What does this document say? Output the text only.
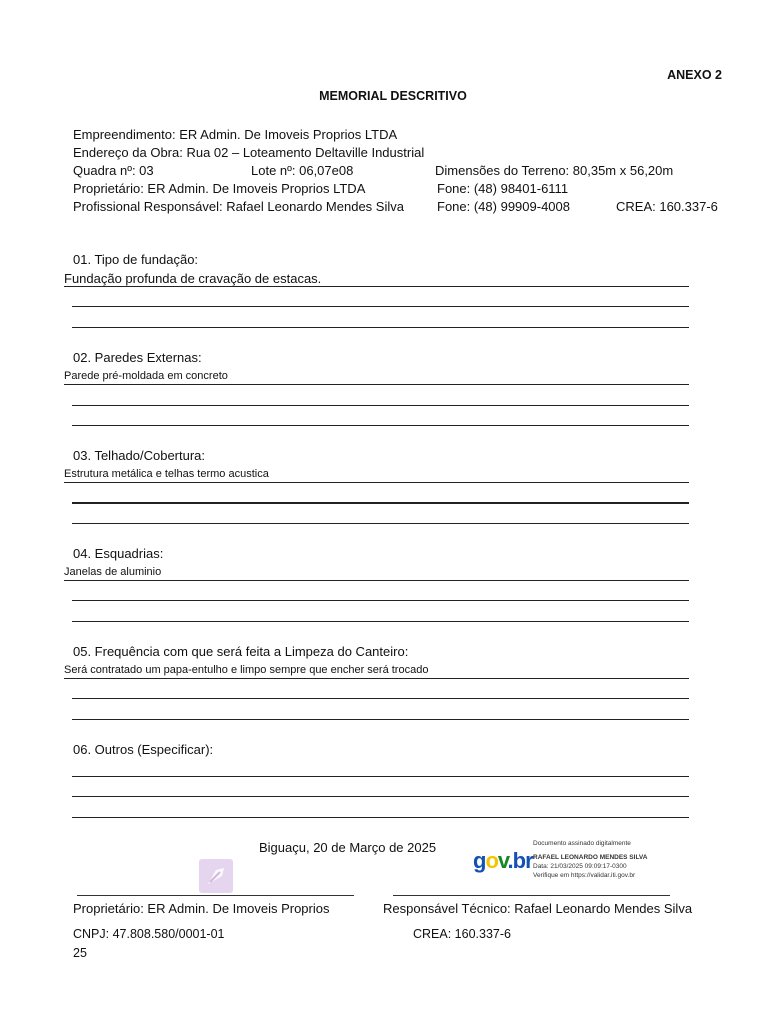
ANEXO 2
MEMORIAL DESCRITIVO
Empreendimento: ER Admin. De Imoveis Proprios LTDA
Endereço da Obra: Rua 02 – Loteamento Deltaville Industrial
Quadra nº: 03	Lote nº: 06,07e08	Dimensões do Terreno: 80,35m x 56,20m
Proprietário: ER Admin. De Imoveis Proprios LTDA	Fone: (48) 98401-6111
Profissional Responsável: Rafael Leonardo Mendes Silva	Fone: (48) 99909-4008	CREA: 160.337-6
01. Tipo de fundação:
Fundação profunda de cravação de estacas.
02. Paredes Externas:
Parede pré-moldada em concreto
03. Telhado/Cobertura:
Estrutura metálica e telhas termo acustica
04. Esquadrias:
Janelas de aluminio
05. Frequência com que será feita a Limpeza do Canteiro:
Será contratado um papa-entulho e limpo sempre que encher será trocado
06. Outros (Especificar):
Biguaçu, 20 de Março de 2025
gov.br
Documento assinado digitalmente
RAFAEL LEONARDO MENDES SILVA
Data: 21/03/2025 09:09:17-0300
Verifique em https://validar.iti.gov.br
Proprietário: ER Admin. De Imoveis Proprios	Responsável Técnico: Rafael Leonardo Mendes Silva
CNPJ: 47.808.580/0001-01	CREA: 160.337-6
25
